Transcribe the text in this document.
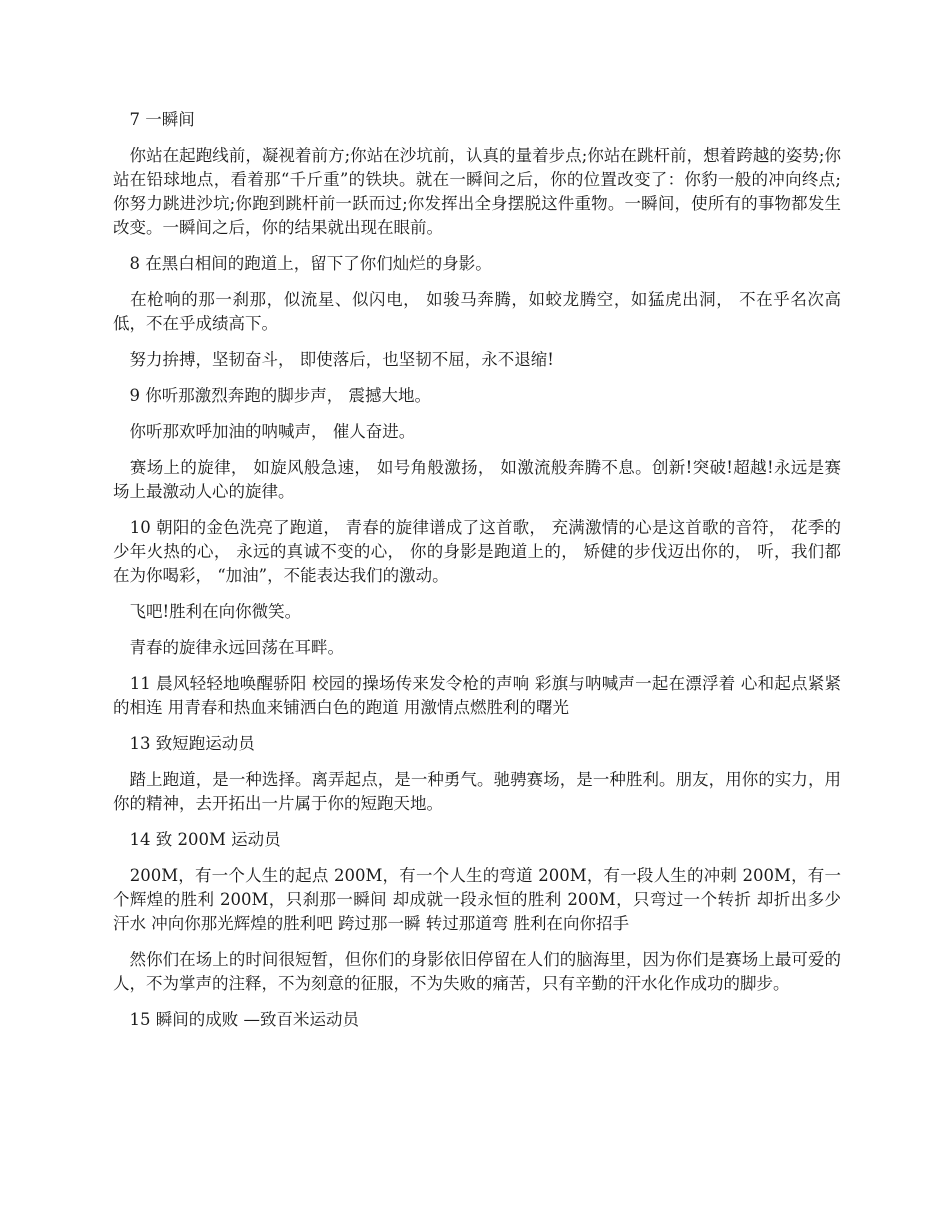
　7 一瞬间

　你站在起跑线前，凝视着前方;你站在沙坑前，认真的量着步点;你站在跳杆前，想着跨越的姿势;你站在铅球地点，看着那“千斤重”的铁块。就在一瞬间之后，你的位置改变了：你豹一般的冲向终点;你努力跳进沙坑;你跑到跳杆前一跃而过;你发挥出全身摆脱这件重物。一瞬间，使所有的事物都发生改变。一瞬间之后，你的结果就出现在眼前。

　8 在黑白相间的跑道上，留下了你们灿烂的身影。

　在枪响的那一刹那，似流星、似闪电， 如骏马奔腾，如蛟龙腾空，如猛虎出洞， 不在乎名次高低，不在乎成绩高下。

　努力拚搏，坚韧奋斗， 即使落后，也坚韧不屈，永不退缩!

　9 你听那激烈奔跑的脚步声， 震撼大地。

　你听那欢呼加油的呐喊声， 催人奋进。

　赛场上的旋律， 如旋风般急速， 如号角般激扬， 如激流般奔腾不息。创新!突破!超越!永远是赛场上最激动人心的旋律。

　10 朝阳的金色洗亮了跑道， 青春的旋律谱成了这首歌， 充满激情的心是这首歌的音符， 花季的少年火热的心， 永远的真诚不变的心， 你的身影是跑道上的， 矫健的步伐迈出你的， 听，我们都在为你喝彩， “加油”，不能表达我们的激动。

　飞吧!胜利在向你微笑。

　青春的旋律永远回荡在耳畔。

　11 晨风轻轻地唤醒骄阳 校园的操场传来发令枪的声响 彩旗与呐喊声一起在漂浮着 心和起点紧紧的相连 用青春和热血来铺洒白色的跑道 用激情点燃胜利的曙光

　13 致短跑运动员

　踏上跑道，是一种选择。离弄起点，是一种勇气。驰骋赛场，是一种胜利。朋友，用你的实力，用你的精神，去开拓出一片属于你的短跑天地。

　14 致 200M 运动员

　200M，有一个人生的起点 200M，有一个人生的弯道 200M，有一段人生的冲刺 200M，有一个辉煌的胜利 200M，只刹那一瞬间 却成就一段永恒的胜利 200M，只弯过一个转折 却折出多少汗水 冲向你那光辉煌的胜利吧 跨过那一瞬 转过那道弯 胜利在向你招手

　然你们在场上的时间很短暂，但你们的身影依旧停留在人们的脑海里，因为你们是赛场上最可爱的人，不为掌声的注释，不为刻意的征服，不为失败的痛苦，只有辛勤的汗水化作成功的脚步。

　15 瞬间的成败 —致百米运动员
